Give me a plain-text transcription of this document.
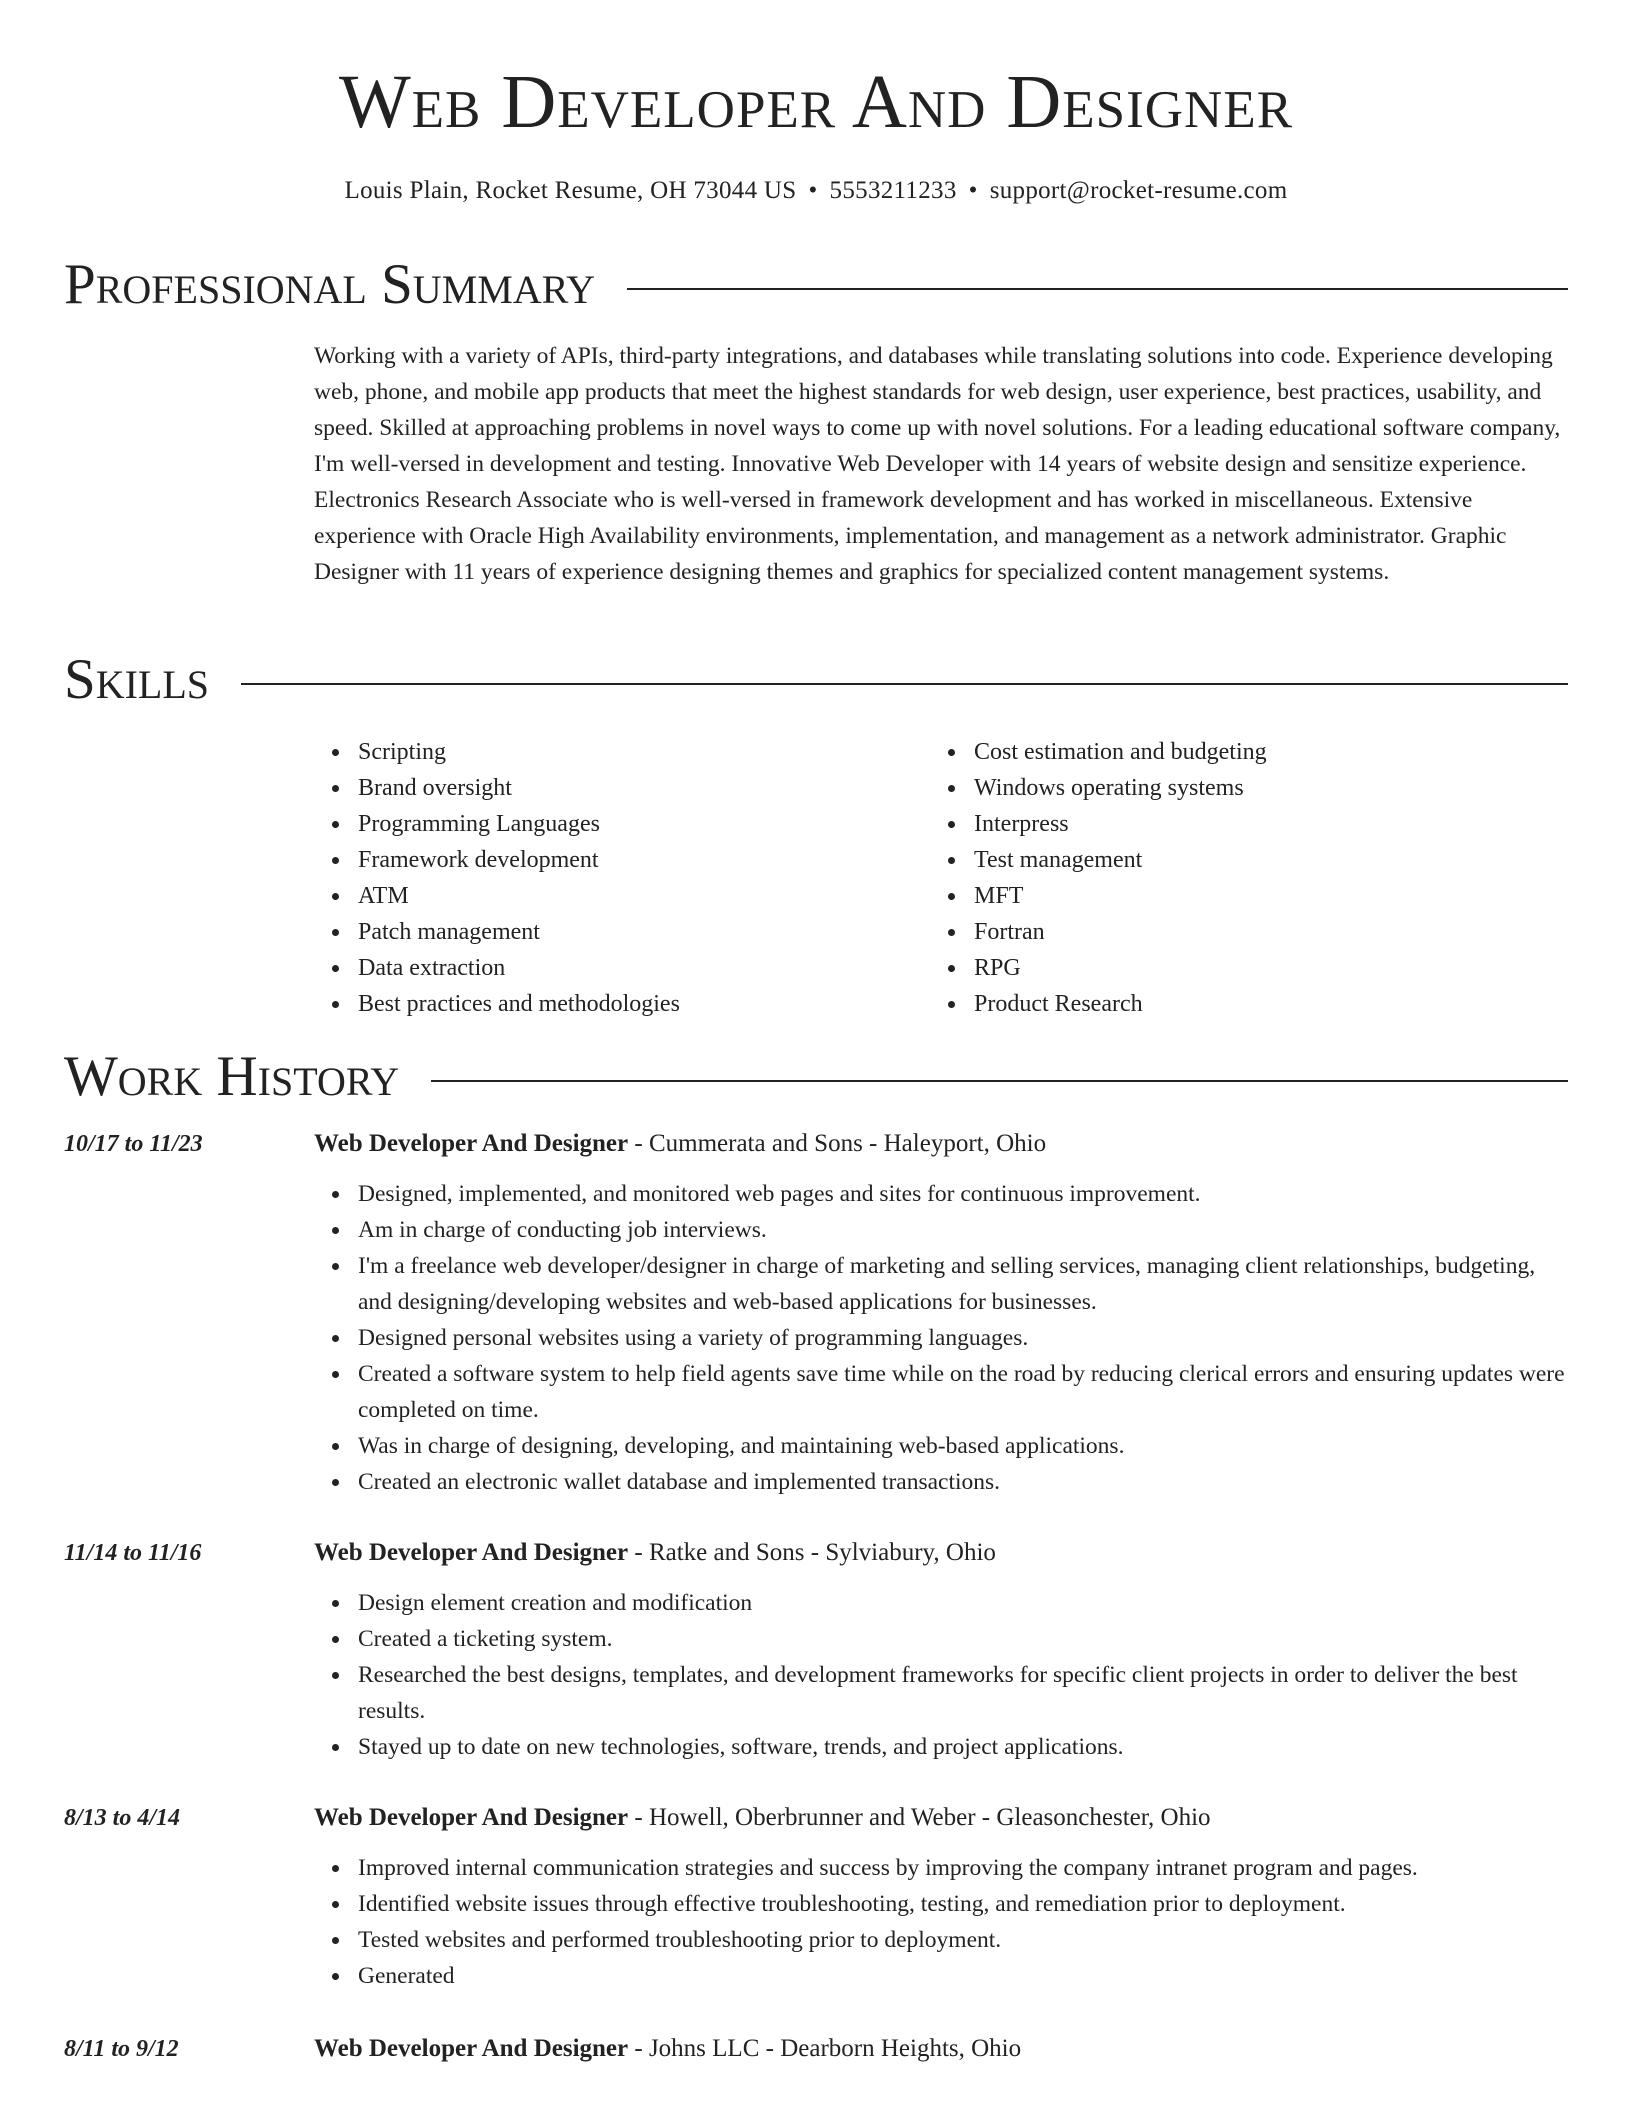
Web Developer And Designer
Louis Plain, Rocket Resume, OH 73044 US • 5553211233 • support@rocket-resume.com
Professional Summary

Working with a variety of APIs, third-party integrations, and databases while translating solutions into code. Experience developing web, phone, and mobile app products that meet the highest standards for web design, user experience, best practices, usability, and speed. Skilled at approaching problems in novel ways to come up with novel solutions. For a leading educational software company, I'm well-versed in development and testing. Innovative Web Developer with 14 years of website design and sensitize experience. Electronics Research Associate who is well-versed in framework development and has worked in miscellaneous. Extensive experience with Oracle High Availability environments, implementation, and management as a network administrator. Graphic Designer with 11 years of experience designing themes and graphics for specialized content management systems.

Skills
Scripting
Brand oversight
Programming Languages
Framework development
ATM
Patch management
Data extraction
Best practices and methodologies
Cost estimation and budgeting
Windows operating systems
Interpress
Test management
MFT
Fortran
RPG
Product Research
Work History
10/17 to 11/23	Web Developer And Designer - Cummerata and Sons - Haleyport, Ohio
Designed, implemented, and monitored web pages and sites for continuous improvement.
Am in charge of conducting job interviews.
I'm a freelance web developer/designer in charge of marketing and selling services, managing client relationships, budgeting, and designing/developing websites and web-based applications for businesses.
Designed personal websites using a variety of programming languages.
Created a software system to help field agents save time while on the road by reducing clerical errors and ensuring updates were completed on time.
Was in charge of designing, developing, and maintaining web-based applications.
Created an electronic wallet database and implemented transactions.
11/14 to 11/16	Web Developer And Designer - Ratke and Sons - Sylviabury, Ohio
Design element creation and modification
Created a ticketing system.
Researched the best designs, templates, and development frameworks for specific client projects in order to deliver the best results.
Stayed up to date on new technologies, software, trends, and project applications.
8/13 to 4/14	Web Developer And Designer - Howell, Oberbrunner and Weber - Gleasonchester, Ohio
Improved internal communication strategies and success by improving the company intranet program and pages.
Identified website issues through effective troubleshooting, testing, and remediation prior to deployment.
Tested websites and performed troubleshooting prior to deployment.
Generated
8/11 to 9/12	Web Developer And Designer - Johns LLC - Dearborn Heights, Ohio
